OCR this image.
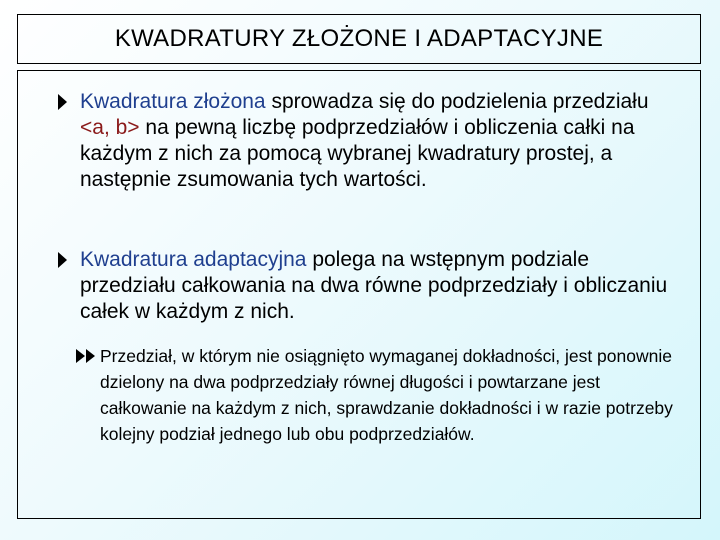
KWADRATURY ZŁOŻONE I ADAPTACYJNE
Kwadratura złożona sprowadza się do podzielenia przedziału <a, b> na pewną liczbę podprzedziałów i obliczenia całki na każdym z nich za pomocą wybranej kwadratury prostej, a następnie zsumowania tych wartości.
Kwadratura adaptacyjna polega na wstępnym podziale przedziału całkowania na dwa równe podprzedziały i obliczaniu całek w każdym z nich.
Przedział, w którym nie osiągnięto wymaganej dokładności, jest ponownie dzielony na dwa podprzedziały równej długości i powtarzane jest całkowanie na każdym z nich, sprawdzanie dokładności i w razie potrzeby kolejny podział jednego lub obu podprzedziałów.
